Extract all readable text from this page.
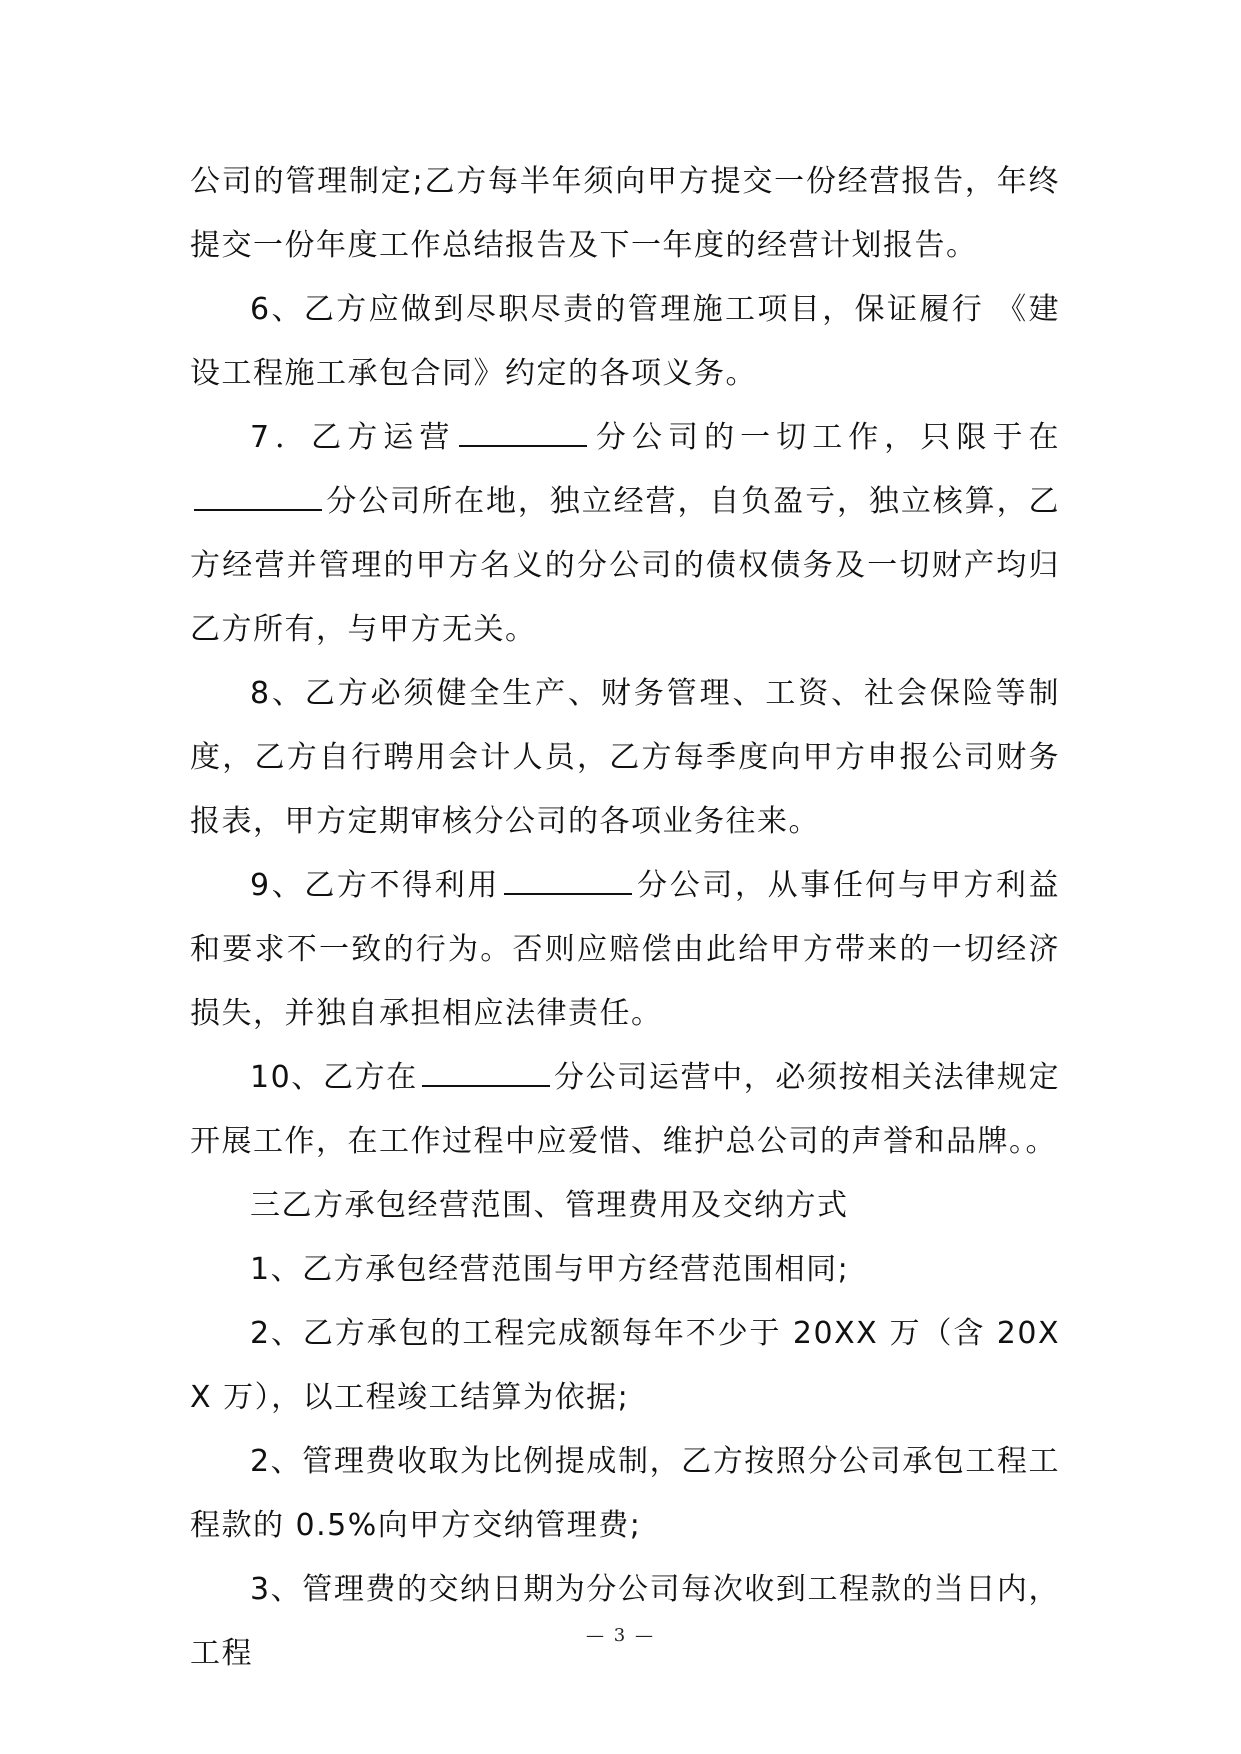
公司的管理制定;乙方每半年须向甲方提交一份经营报告，年终提交一份年度工作总结报告及下一年度的经营计划报告。

6、乙方应做到尽职尽责的管理施工项目，保证履行 《建设工程施工承包合同》约定的各项义务。

7．乙方运营	分公司的一切工作，只限于在分公司所在地，独立经营，自负盈亏，独立核算，乙方经营并管理的甲方名义的分公司的债权债务及一切财产均归乙方所有，与甲方无关。

8、乙方必须健全生产、财务管理、工资、社会保险等制度，乙方自行聘用会计人员，乙方每季度向甲方申报公司财务报表，甲方定期审核分公司的各项业务往来。

9、乙方不得利用	分公司，从事任何与甲方利益和要求不一致的行为。否则应赔偿由此给甲方带来的一切经济损失，并独自承担相应法律责任。

10、乙方在	分公司运营中，必须按相关法律规定开展工作，在工作过程中应爱惜、维护总公司的声誉和品牌。。

三乙方承包经营范围、管理费用及交纳方式

1、乙方承包经营范围与甲方经营范围相同;

2、乙方承包的工程完成额每年不少于 20XX 万（含 20XX 万），以工程竣工结算为依据;

2、管理费收取为比例提成制，乙方按照分公司承包工程工程款的 0.5%向甲方交纳管理费;

3、管理费的交纳日期为分公司每次收到工程款的当日内，工程

— 3 —
